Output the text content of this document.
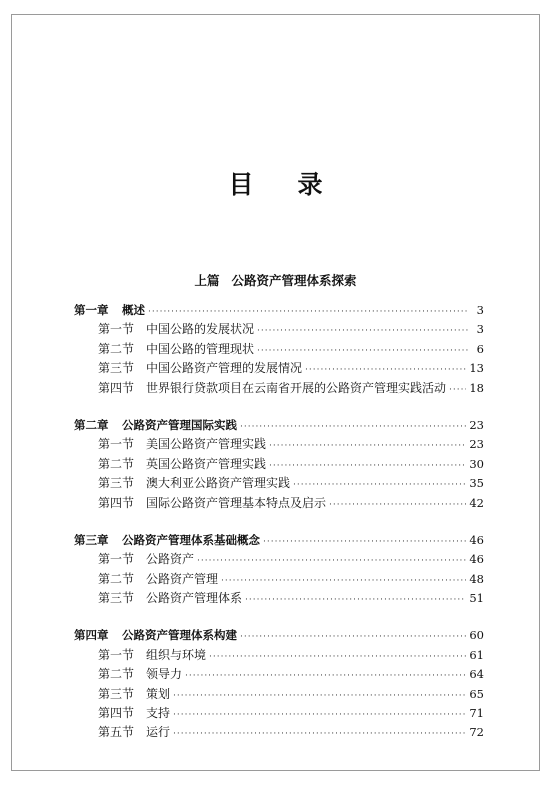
目 录
上篇 公路资产管理体系探索
第一章	概述 ·····	3
第一节 中国公路的发展状况 ·····	3
第二节 中国公路的管理现状 ·····	6
第三节 中国公路资产管理的发展情况 ·····	13
第四节 世界银行贷款项目在云南省开展的公路资产管理实践活动 ····· 18
第二章	公路资产管理国际实践 ·····	23
第一节 美国公路资产管理实践 ·····	23
第二节 英国公路资产管理实践 ·····	30
第三节 澳大利亚公路资产管理实践 ·····	35
第四节 国际公路资产管理基本特点及启示 ·····	42
第三章	公路资产管理体系基础概念 ·····	46
第一节 公路资产 ·····	46
第二节 公路资产管理 ·····	48
第三节 公路资产管理体系 ·····	51
第四章	公路资产管理体系构建 ·····	60
第一节 组织与环境 ·····	61
第二节 领导力 ·····	64
第三节 策划 ·····	65
第四节 支持 ·····	71
第五节 运行 ·····	72
